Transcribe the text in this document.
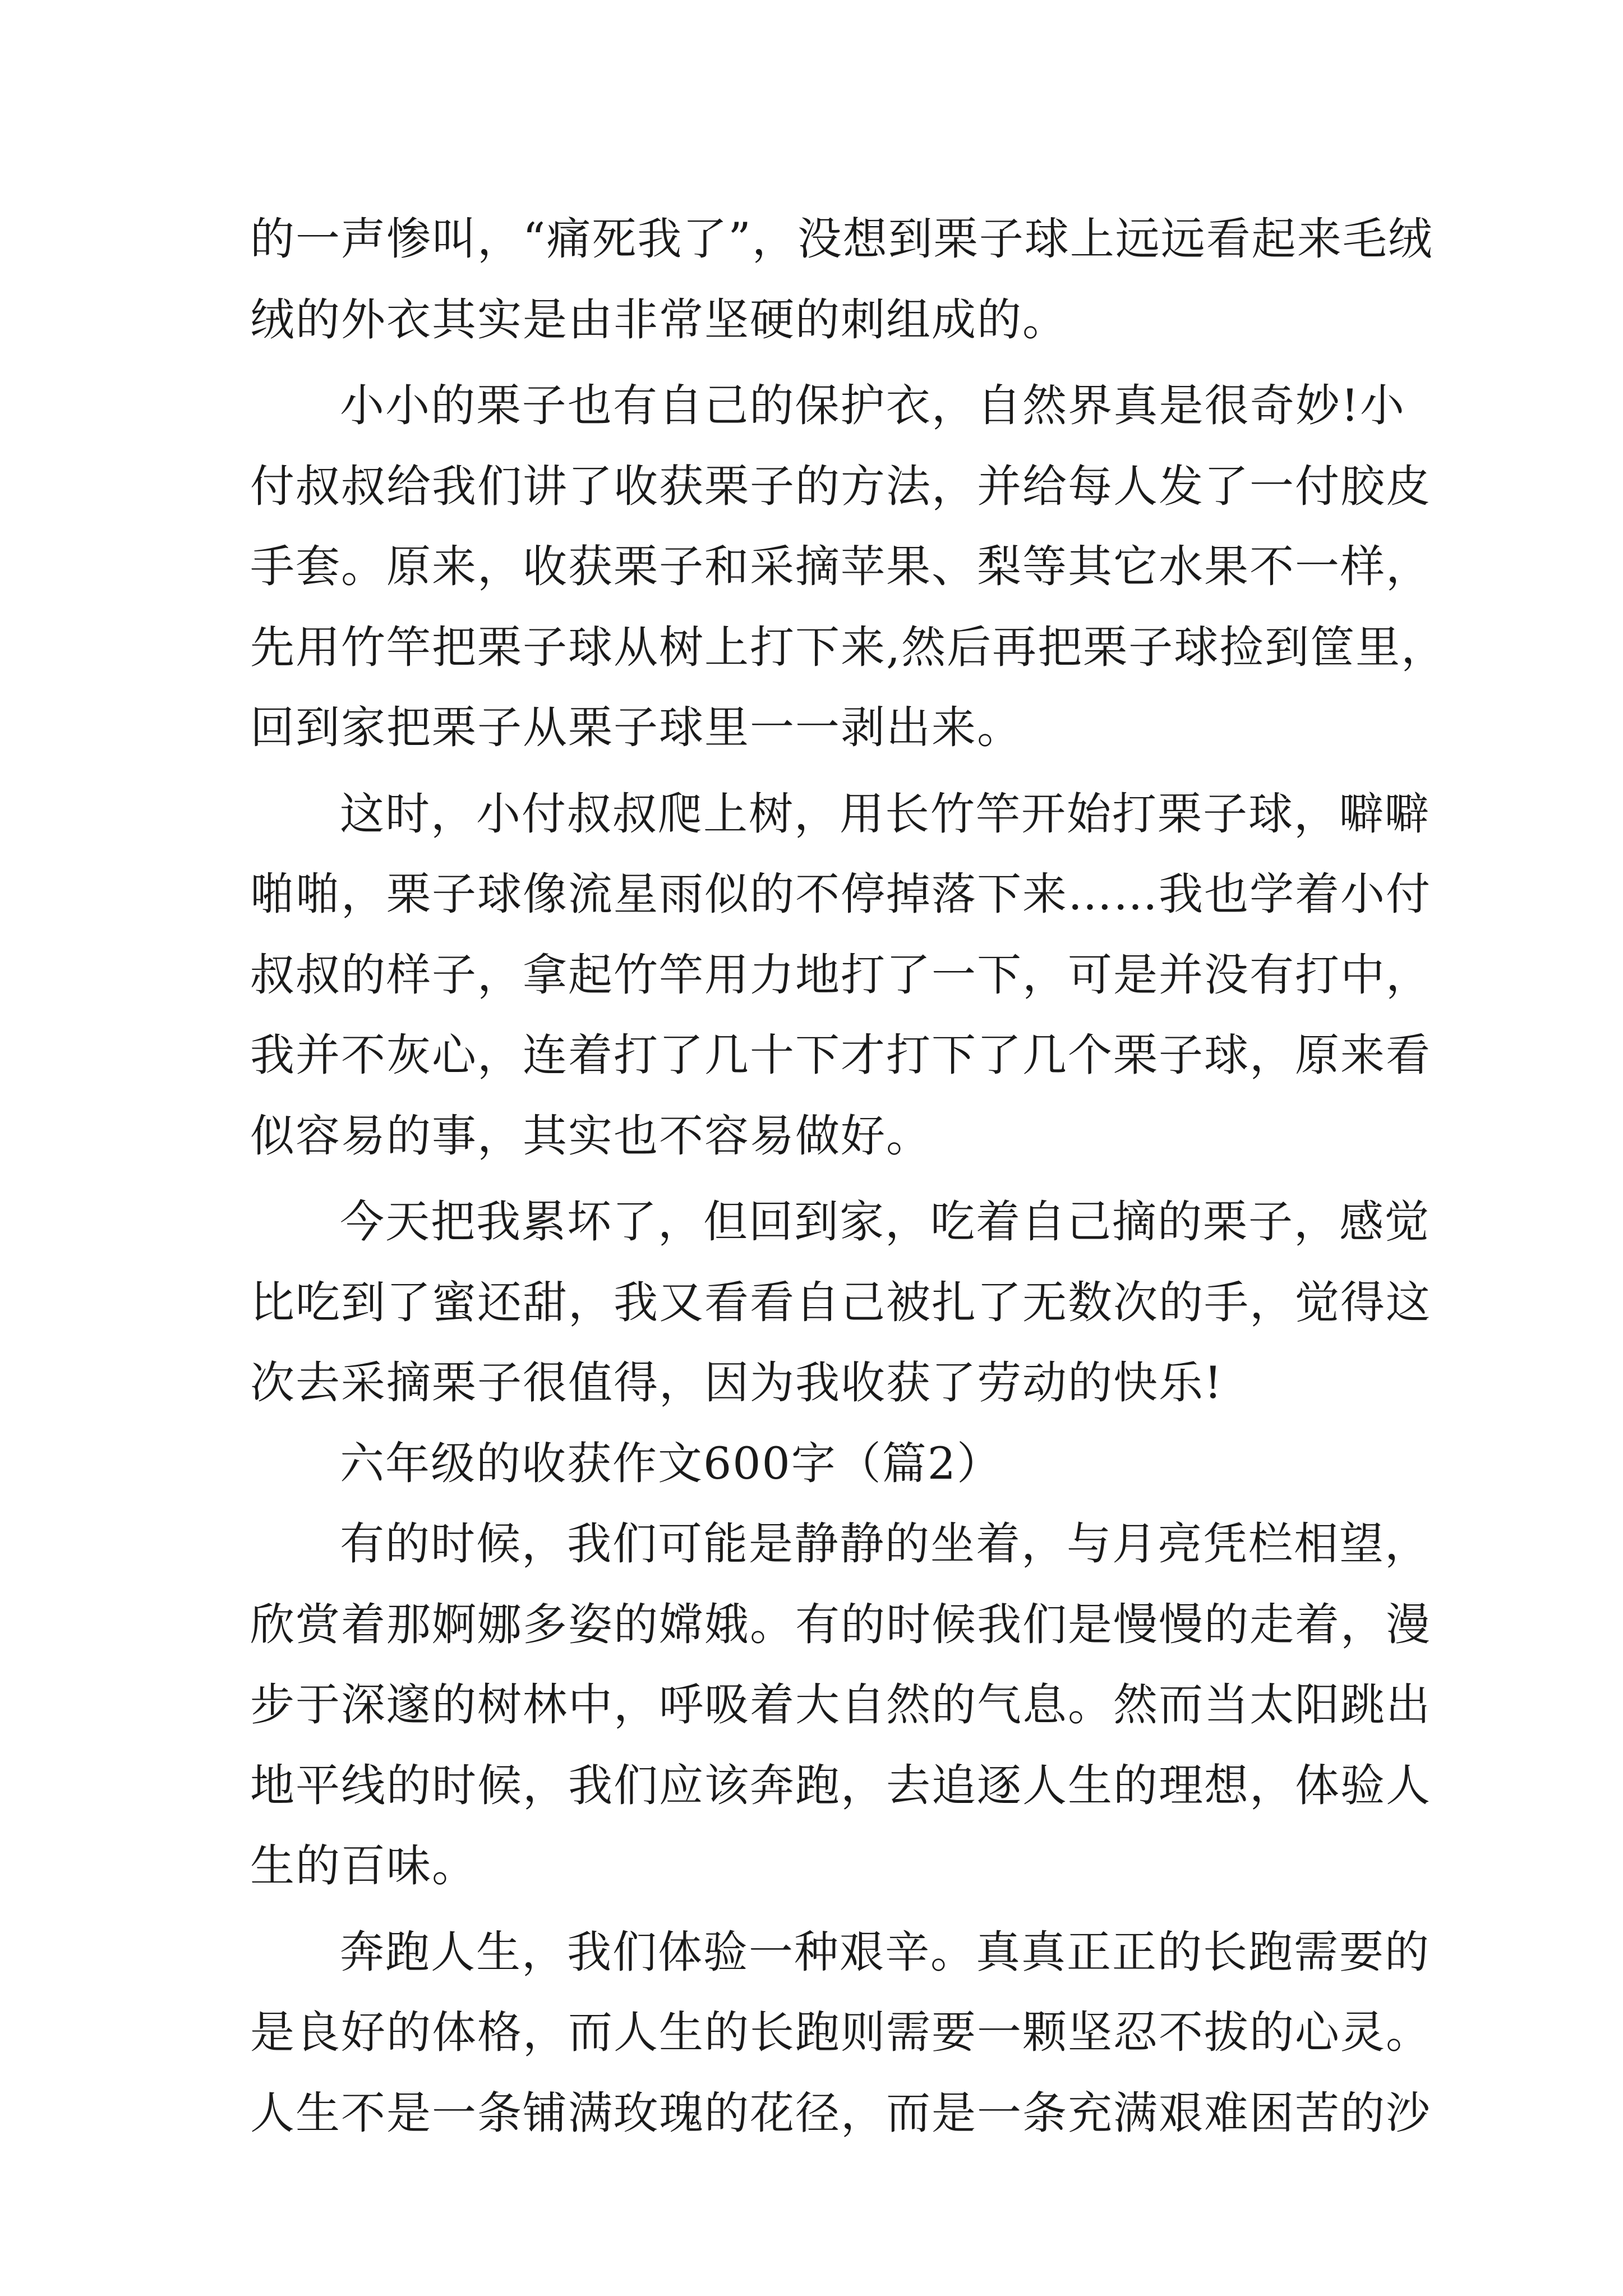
的一声惨叫，“痛死我了”，没想到栗子球上远远看起来毛绒
绒的外衣其实是由非常坚硬的刺组成的。
小小的栗子也有自己的保护衣，自然界真是很奇妙!小
付叔叔给我们讲了收获栗子的方法，并给每人发了一付胶皮
手套。原来，收获栗子和采摘苹果、梨等其它水果不一样，
先用竹竿把栗子球从树上打下来,然后再把栗子球捡到筐里，
回到家把栗子从栗子球里一一剥出来。
这时，小付叔叔爬上树，用长竹竿开始打栗子球，噼噼
啪啪，栗子球像流星雨似的不停掉落下来……我也学着小付
叔叔的样子，拿起竹竿用力地打了一下，可是并没有打中，
我并不灰心，连着打了几十下才打下了几个栗子球，原来看
似容易的事，其实也不容易做好。
今天把我累坏了，但回到家，吃着自己摘的栗子，感觉
比吃到了蜜还甜，我又看看自己被扎了无数次的手，觉得这
次去采摘栗子很值得，因为我收获了劳动的快乐!
六年级的收获作文600字（篇2）
有的时候，我们可能是静静的坐着，与月亮凭栏相望，
欣赏着那婀娜多姿的嫦娥。有的时候我们是慢慢的走着，漫
步于深邃的树林中，呼吸着大自然的气息。然而当太阳跳出
地平线的时候，我们应该奔跑，去追逐人生的理想，体验人
生的百味。
奔跑人生，我们体验一种艰辛。真真正正的长跑需要的
是良好的体格，而人生的长跑则需要一颗坚忍不拔的心灵。
人生不是一条铺满玫瑰的花径，而是一条充满艰难困苦的沙
